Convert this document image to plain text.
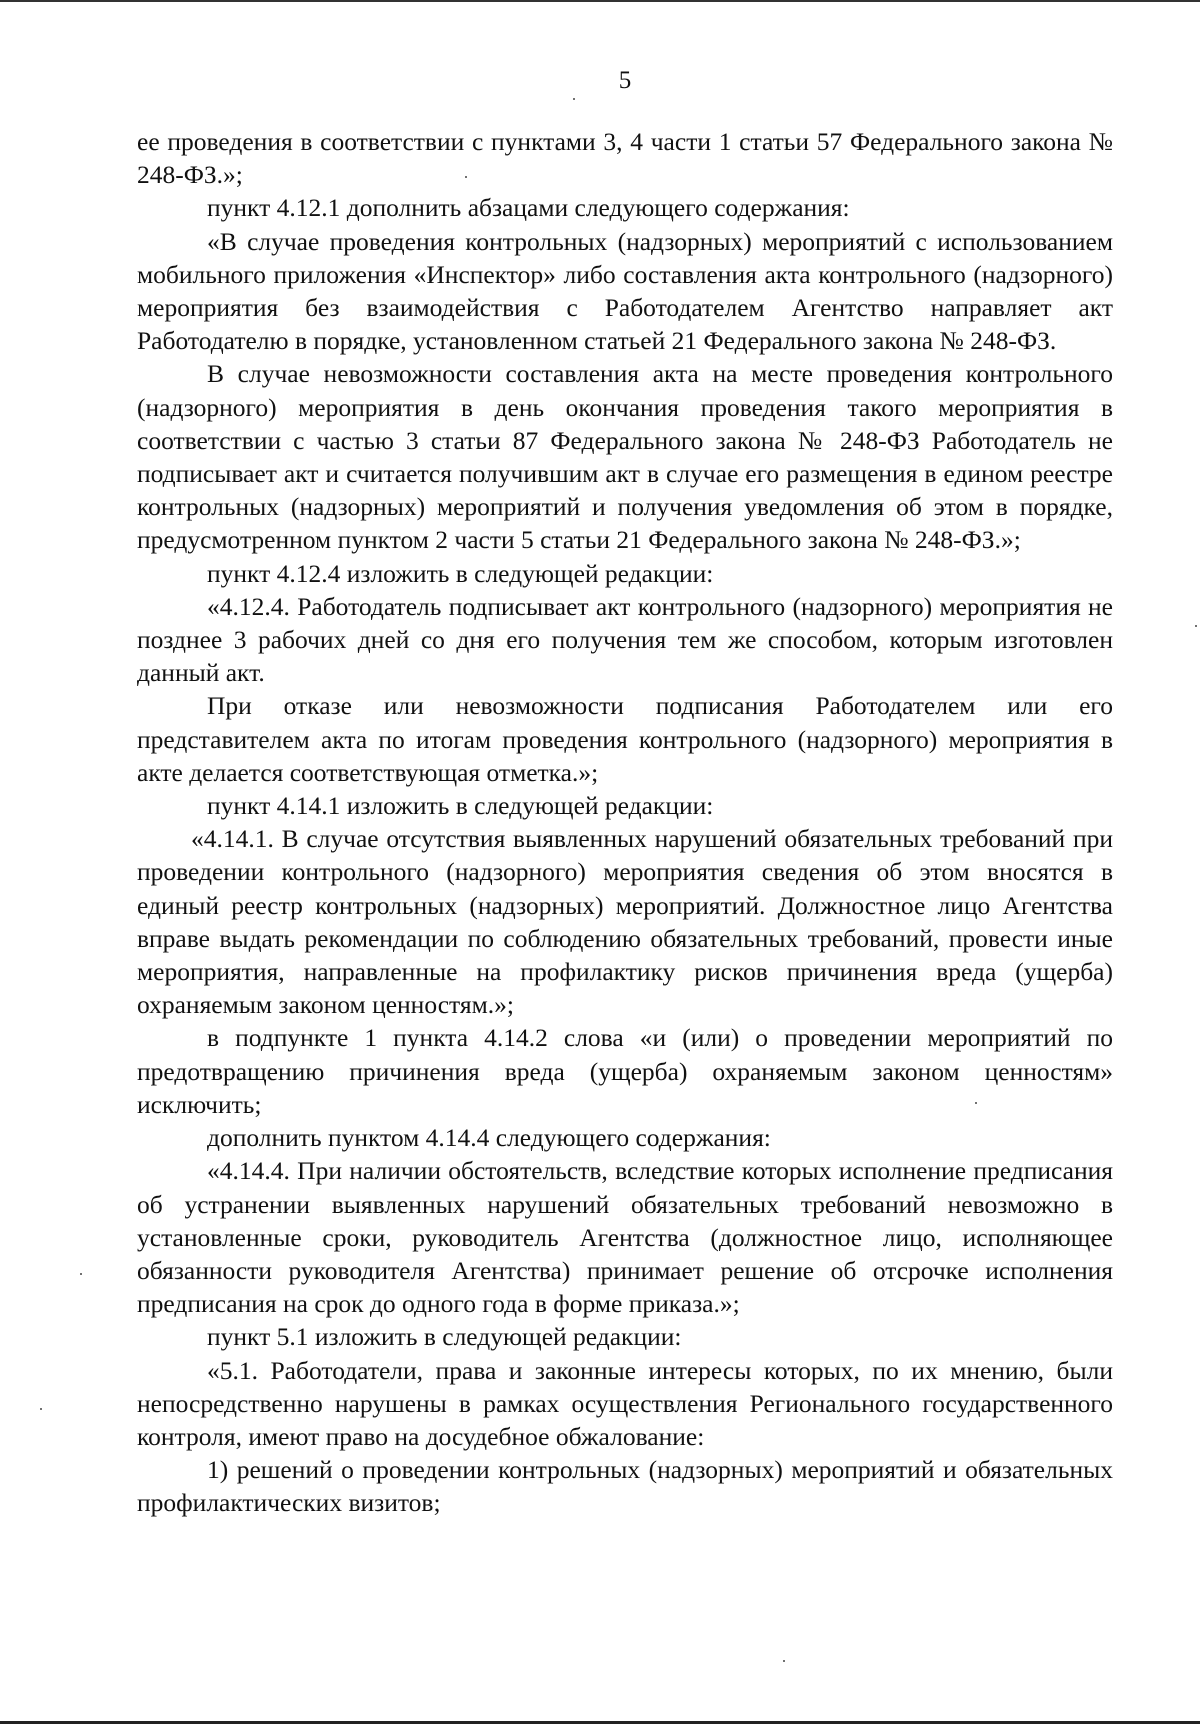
5

ее проведения в соответствии с пунктами 3, 4 части 1 статьи 57 Федерального закона № 248-ФЗ.»;

пункт 4.12.1 дополнить абзацами следующего содержания:

«В случае проведения контрольных (надзорных) мероприятий с использованием мобильного приложения «Инспектор» либо составления акта контрольного (надзорного) мероприятия без взаимодействия с Работодателем Агентство направляет акт Работодателю в порядке, установленном статьей 21 Федерального закона № 248-ФЗ.

В случае невозможности составления акта на месте проведения контрольного (надзорного) мероприятия в день окончания проведения такого мероприятия в соответствии с частью 3 статьи 87 Федерального закона № 248-ФЗ Работодатель не подписывает акт и считается получившим акт в случае его размещения в едином реестре контрольных (надзорных) мероприятий и получения уведомления об этом в порядке, предусмотренном пунктом 2 части 5 статьи 21 Федерального закона № 248-ФЗ.»;

пункт 4.12.4 изложить в следующей редакции:

«4.12.4. Работодатель подписывает акт контрольного (надзорного) мероприятия не позднее 3 рабочих дней со дня его получения тем же способом, которым изготовлен данный акт.

При отказе или невозможности подписания Работодателем или его представителем акта по итогам проведения контрольного (надзорного) мероприятия в акте делается соответствующая отметка.»;

пункт 4.14.1 изложить в следующей редакции:

«4.14.1. В случае отсутствия выявленных нарушений обязательных требований при проведении контрольного (надзорного) мероприятия сведения об этом вносятся в единый реестр контрольных (надзорных) мероприятий. Должностное лицо Агентства вправе выдать рекомендации по соблюдению обязательных требований, провести иные мероприятия, направленные на профилактику рисков причинения вреда (ущерба) охраняемым законом ценностям.»;

в подпункте 1 пункта 4.14.2 слова «и (или) о проведении мероприятий по предотвращению причинения вреда (ущерба) охраняемым законом ценностям» исключить;

дополнить пунктом 4.14.4 следующего содержания:

«4.14.4. При наличии обстоятельств, вследствие которых исполнение предписания об устранении выявленных нарушений обязательных требований невозможно в установленные сроки, руководитель Агентства (должностное лицо, исполняющее обязанности руководителя Агентства) принимает решение об отсрочке исполнения предписания на срок до одного года в форме приказа.»;

пункт 5.1 изложить в следующей редакции:

«5.1. Работодатели, права и законные интересы которых, по их мнению, были непосредственно нарушены в рамках осуществления Регионального государственного контроля, имеют право на досудебное обжалование:

1) решений о проведении контрольных (надзорных) мероприятий и обязательных профилактических визитов;
